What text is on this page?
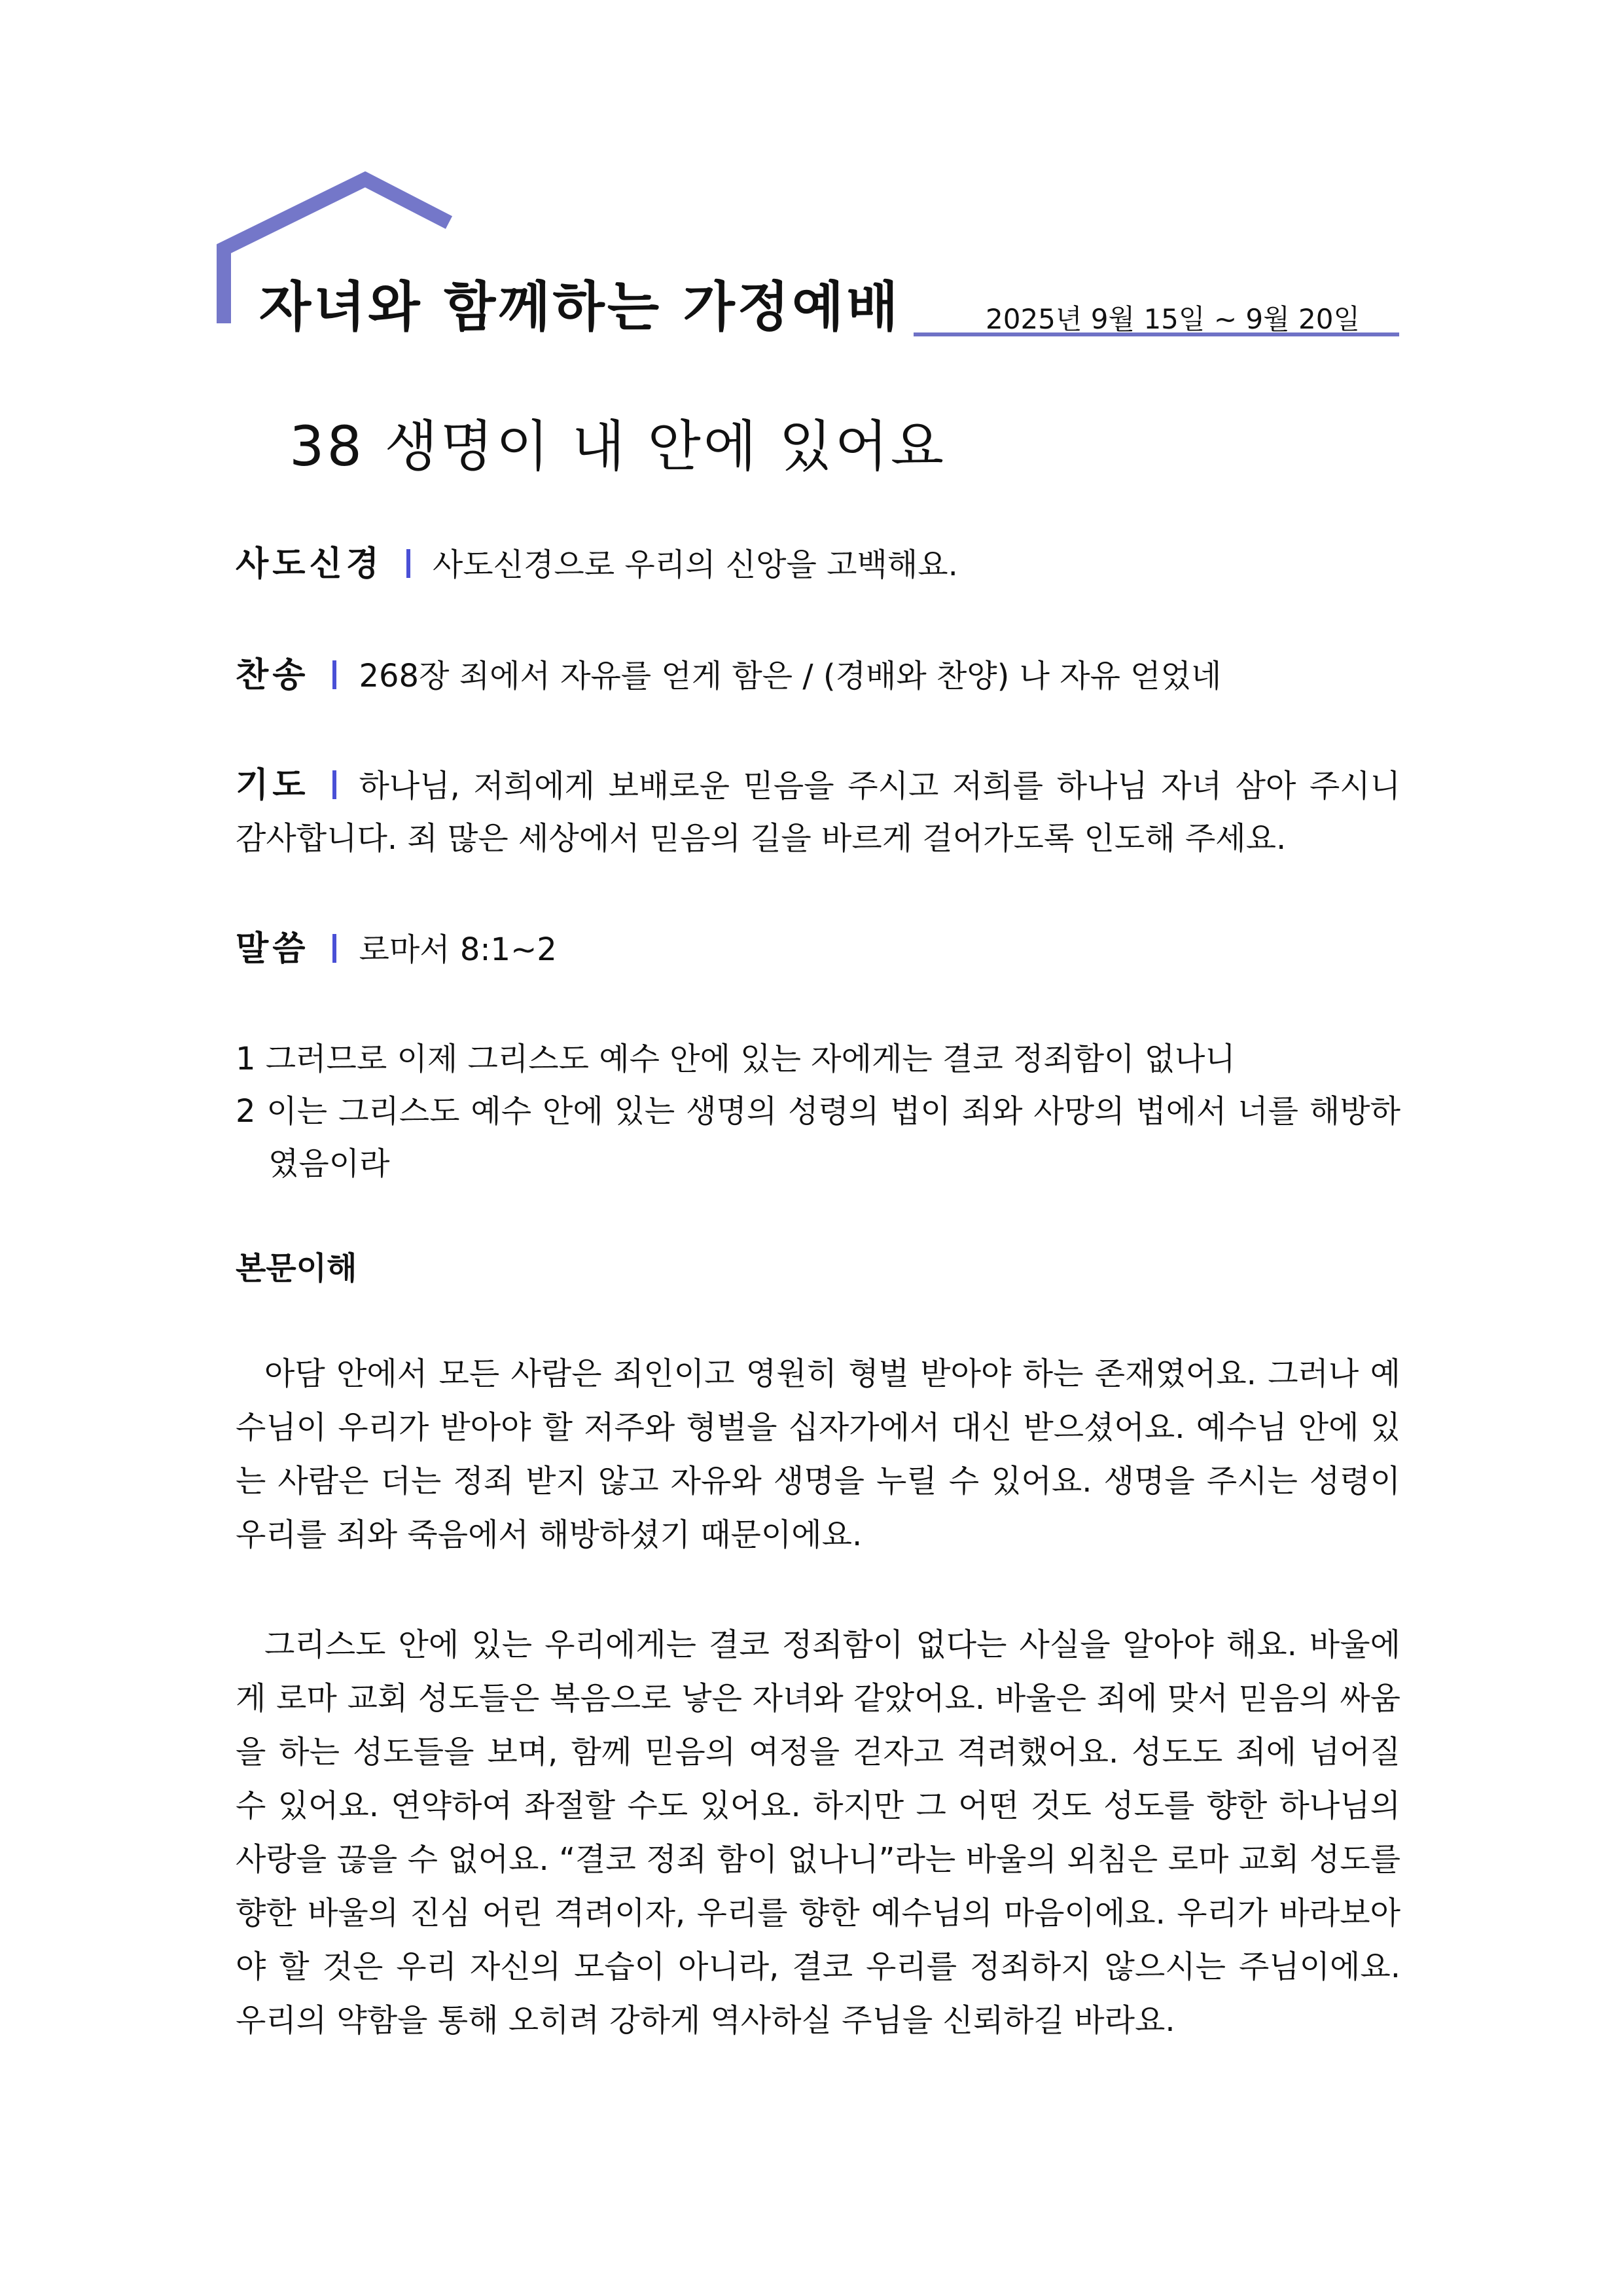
자녀와 함께하는 가정예배	2025년 9월 15일 ~ 9월 20일
38 생명이 내 안에 있어요
사도신경 사도신경으로 우리의 신앙을 고백해요.
찬송 268장 죄에서 자유를 얻게 함은 / (경배와 찬양) 나 자유 얻었네
기도 하나님, 저희에게 보배로운 믿음을 주시고 저희를 하나님 자녀 삼아 주시니 감사합니다. 죄 많은 세상에서 믿음의 길을 바르게 걸어가도록 인도해 주세요.
말씀 로마서 8:1~2
1 그러므로 이제 그리스도 예수 안에 있는 자에게는 결코 정죄함이 없나니
2 이는 그리스도 예수 안에 있는 생명의 성령의 법이 죄와 사망의 법에서 너를 해방하였음이라
본문이해
아담 안에서 모든 사람은 죄인이고 영원히 형벌 받아야 하는 존재였어요. 그러나 예수님이 우리가 받아야 할 저주와 형벌을 십자가에서 대신 받으셨어요. 예수님 안에 있는 사람은 더는 정죄 받지 않고 자유와 생명을 누릴 수 있어요. 생명을 주시는 성령이 우리를 죄와 죽음에서 해방하셨기 때문이에요.
그리스도 안에 있는 우리에게는 결코 정죄함이 없다는 사실을 알아야 해요. 바울에게 로마 교회 성도들은 복음으로 낳은 자녀와 같았어요. 바울은 죄에 맞서 믿음의 싸움을 하는 성도들을 보며, 함께 믿음의 여정을 걷자고 격려했어요. 성도도 죄에 넘어질 수 있어요. 연약하여 좌절할 수도 있어요. 하지만 그 어떤 것도 성도를 향한 하나님의 사랑을 끊을 수 없어요. “결코 정죄 함이 없나니”라는 바울의 외침은 로마 교회 성도를 향한 바울의 진심 어린 격려이자, 우리를 향한 예수님의 마음이에요. 우리가 바라보아야 할 것은 우리 자신의 모습이 아니라, 결코 우리를 정죄하지 않으시는 주님이에요. 우리의 약함을 통해 오히려 강하게 역사하실 주님을 신뢰하길 바라요.
